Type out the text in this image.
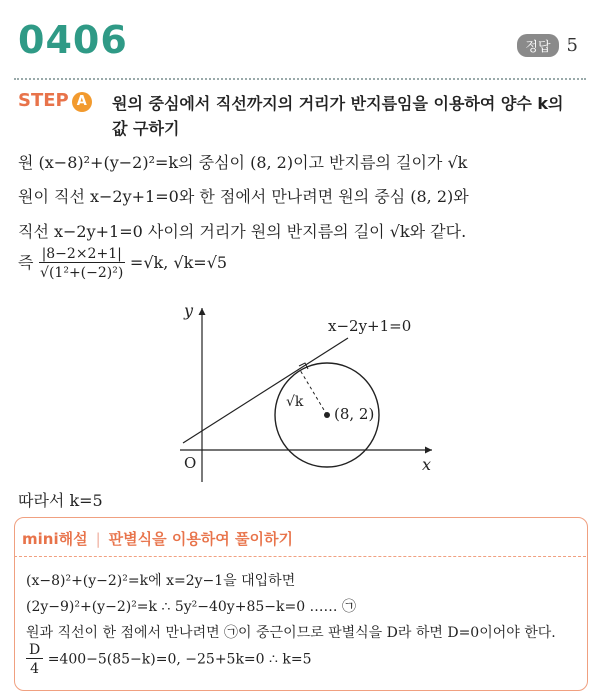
0406	정답 5
STEP A 원의 중심에서 직선까지의 거리가 반지름임을 이용하여 양수 k의 값 구하기
원 (x−8)²+(y−2)²=k의 중심이 (8, 2)이고 반지름의 길이가 √k
원이 직선 x−2y+1=0와 한 점에서 만나려면 원의 중심 (8, 2)와
직선 x−2y+1=0 사이의 거리가 원의 반지름의 길이 √k와 같다.
즉 $\frac{|8-2\times 2+1|}{\text{√(1²+(−2)²)}} =√k$, √k=√5
y
x
O
x−2y+1=0
(8, 2)
√k
따라서 k=5
mini해설 | 판별식을 이용하여 풀이하기
(x−8)²+(y−2)²=k에 x=2y−1을 대입하면
(2y−9)²+(y−2)²=k ∴ 5y²−40y+85−k=0 …… ㉠
원과 직선이 한 점에서 만나려면 ㉠이 중근이므로 판별식을 D라 하면 D=0이어야 한다.
$\frac{D}{4} =400-5(85-k)=0$, −25+5k=0 ∴ k=5
